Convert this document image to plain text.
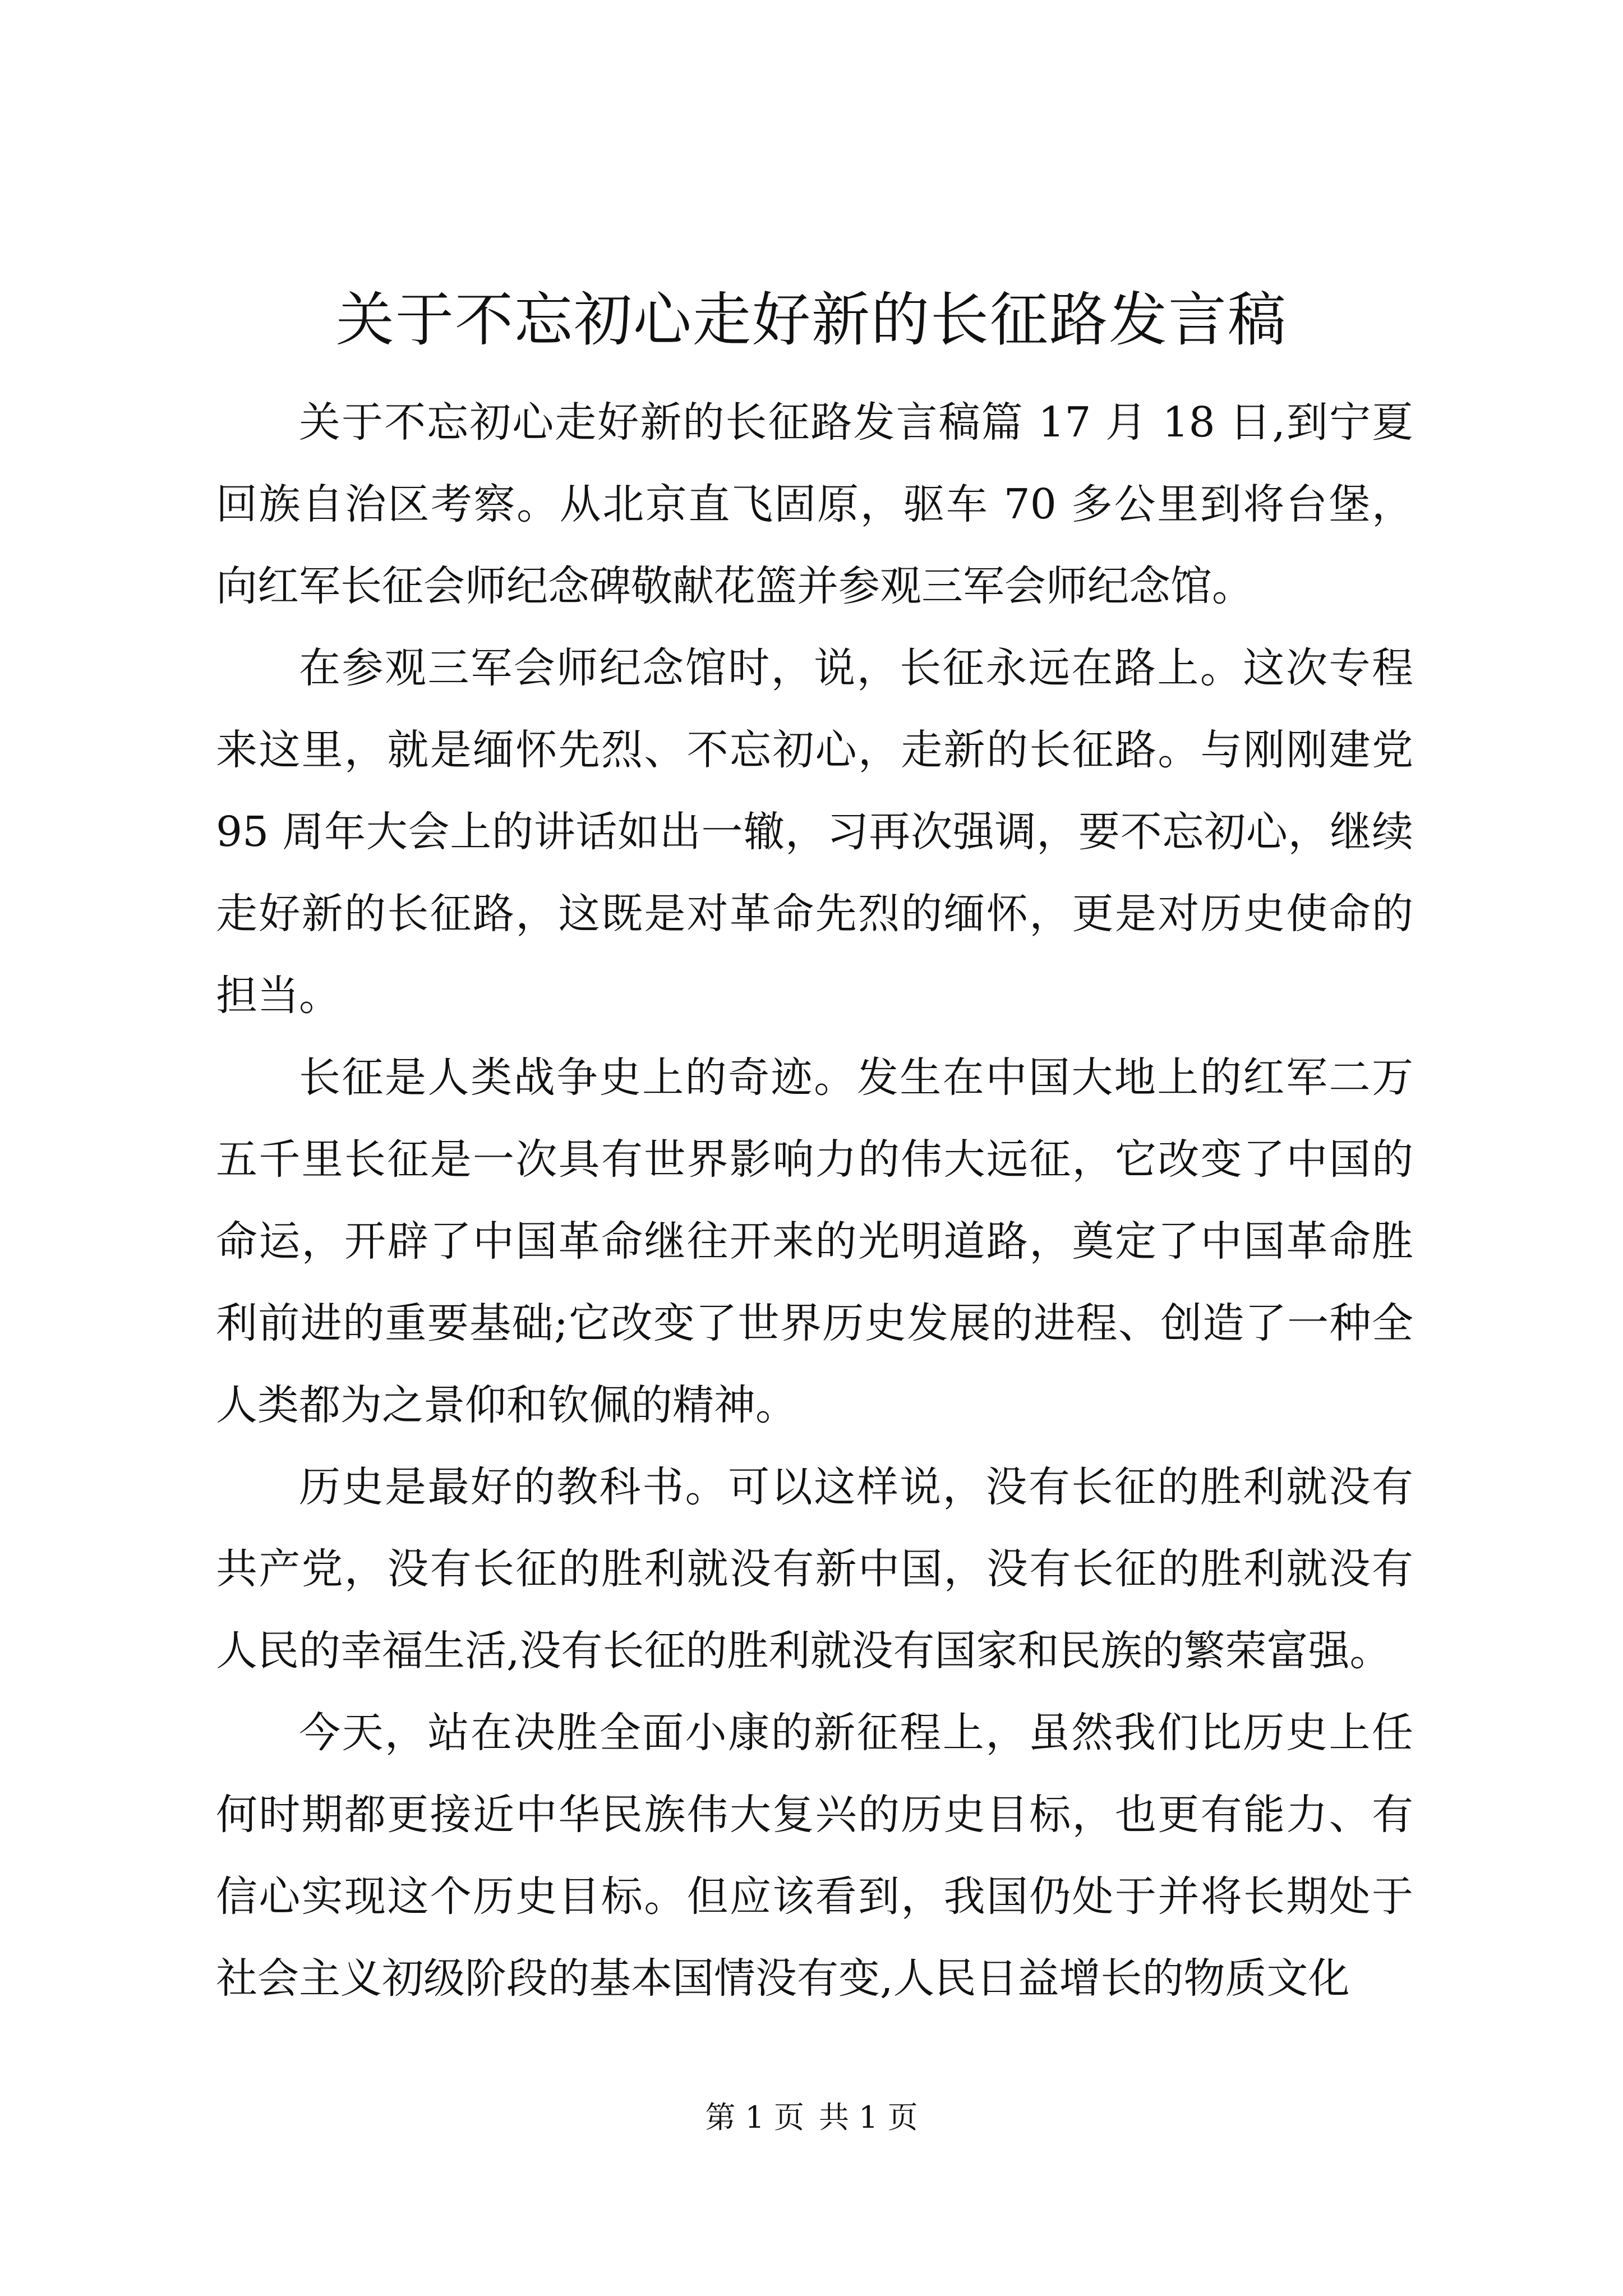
关于不忘初心走好新的长征路发言稿

关于不忘初心走好新的长征路发言稿篇 17 月 18 日,到宁夏回族自治区考察。从北京直飞固原，驱车 70 多公里到将台堡，向红军长征会师纪念碑敬献花篮并参观三军会师纪念馆。

在参观三军会师纪念馆时，说，长征永远在路上。这次专程来这里，就是缅怀先烈、不忘初心，走新的长征路。与刚刚建党 95 周年大会上的讲话如出一辙，习再次强调，要不忘初心，继续走好新的长征路，这既是对革命先烈的缅怀，更是对历史使命的担当。

长征是人类战争史上的奇迹。发生在中国大地上的红军二万五千里长征是一次具有世界影响力的伟大远征，它改变了中国的命运，开辟了中国革命继往开来的光明道路，奠定了中国革命胜利前进的重要基础;它改变了世界历史发展的进程、创造了一种全人类都为之景仰和钦佩的精神。

历史是最好的教科书。可以这样说，没有长征的胜利就没有共产党，没有长征的胜利就没有新中国，没有长征的胜利就没有人民的幸福生活,没有长征的胜利就没有国家和民族的繁荣富强。

今天，站在决胜全面小康的新征程上，虽然我们比历史上任何时期都更接近中华民族伟大复兴的历史目标，也更有能力、有信心实现这个历史目标。但应该看到，我国仍处于并将长期处于社会主义初级阶段的基本国情没有变,人民日益增长的物质文化

第 1 页 共 1 页
